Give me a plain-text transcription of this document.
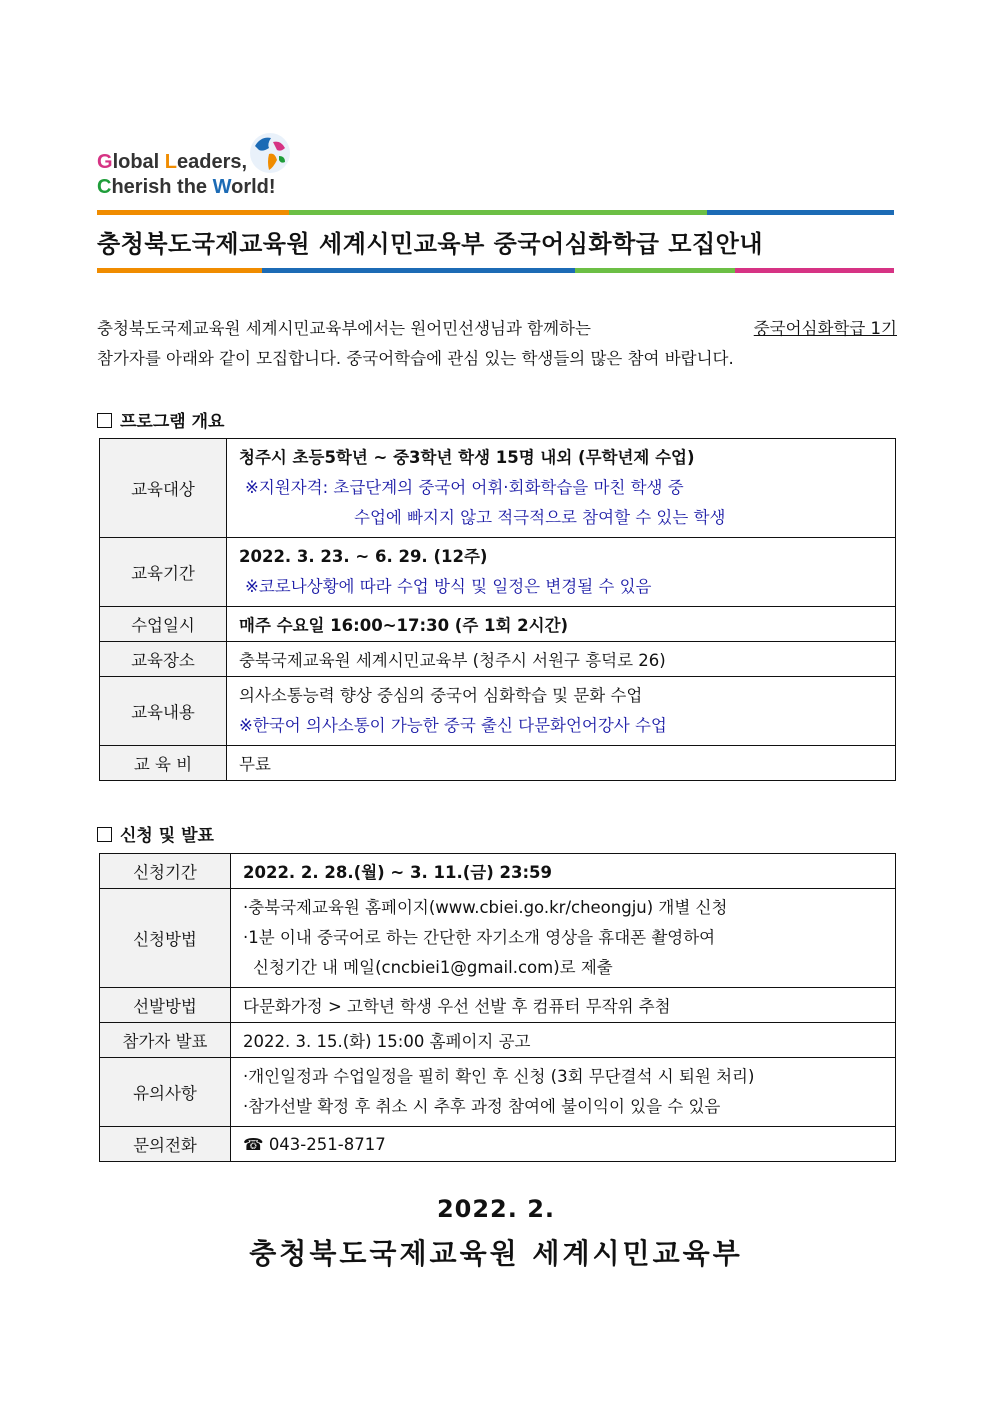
Global Leaders,
Cherish the World!
충청북도국제교육원 세계시민교육부 중국어심화학급 모집안내
충청북도국제교육원 세계시민교육부에서는 원어민선생님과 함께하는	중국어심화학급 1기
참가자를 아래와 같이 모집합니다. 중국어학습에 관심 있는 학생들의 많은 참여 바랍니다.
프로그램 개요
교육대상	청주시 초등5학년 ~ 중3학년 학생 15명 내외 (무학년제 수업)
※지원자격: 초급단계의 중국어 어휘·회화학습을 마친 학생 중
수업에 빠지지 않고 적극적으로 참여할 수 있는 학생

교육기간	2022. 3. 23. ~ 6. 29. (12주)
※코로나상황에 따라 수업 방식 및 일정은 변경될 수 있음

수업일시	매주 수요일 16:00~17:30 (주 1회 2시간)
교육장소	충북국제교육원 세계시민교육부 (청주시 서원구 흥덕로 26)
교육내용	의사소통능력 향상 중심의 중국어 심화학습 및 문화 수업
※한국어 의사소통이 가능한 중국 출신 다문화언어강사 수업

교 육 비	무료
신청 및 발표
신청기간	2022. 2. 28.(월) ~ 3. 11.(금) 23:59
신청방법	·충북국제교육원 홈페이지(www.cbiei.go.kr/cheongju) 개별 신청
·1분 이내 중국어로 하는 간단한 자기소개 영상을 휴대폰 촬영하여
신청기간 내 메일(cncbiei1@gmail.com)로 제출

선발방법	다문화가정 > 고학년 학생 우선 선발 후 컴퓨터 무작위 추첨
참가자 발표	2022. 3. 15.(화) 15:00 홈페이지 공고
유의사항	·개인일정과 수업일정을 필히 확인 후 신청 (3회 무단결석 시 퇴원 처리)
·참가선발 확정 후 취소 시 추후 과정 참여에 불이익이 있을 수 있음

문의전화	☎ 043-251-8717
2022. 2.
충청북도국제교육원 세계시민교육부
